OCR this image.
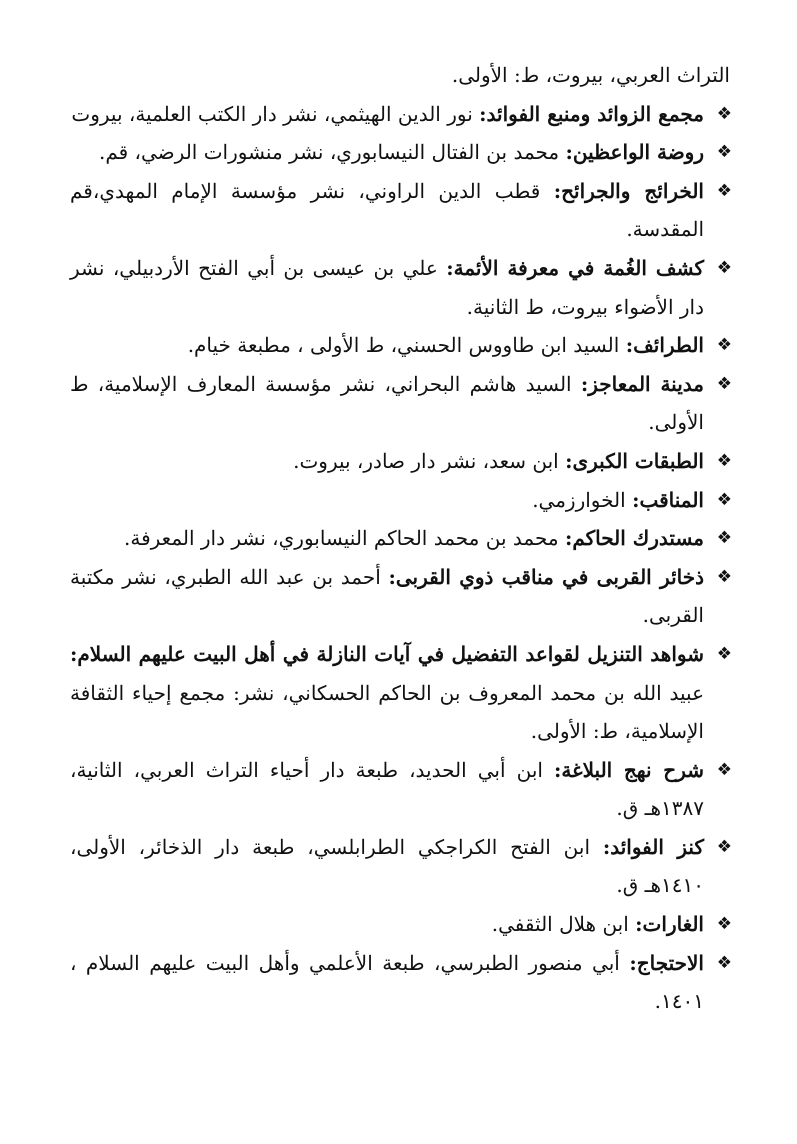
التراث العربي، بيروت، ط: الأولى.

❖
مجمع الزوائد ومنبع الفوائد: نور الدين الهيثمي، نشر دار الكتب العلمية، بيروت
❖
روضة الواعظين: محمد بن الفتال النيسابوري، نشر منشورات الرضي، قم.
❖
الخرائج والجرائح: قطب الدين الراوني، نشر مؤسسة الإمام المهدي،قم المقدسة.
❖
كشف الغُمة في معرفة الأئمة: علي بن عيسى بن أبي الفتح الأردبيلي، نشر دار الأضواء بيروت، ط الثانية.
❖
الطرائف: السيد ابن طاووس الحسني، ط الأولى ، مطبعة خيام.
❖
مدينة المعاجز: السيد هاشم البحراني، نشر مؤسسة المعارف الإسلامية، ط الأولى.
❖
الطبقات الكبرى: ابن سعد، نشر دار صادر، بيروت.
❖
المناقب: الخوارزمي.
❖
مستدرك الحاكم: محمد بن محمد الحاكم النيسابوري، نشر دار المعرفة.
❖
ذخائر القربى في مناقب ذوي القربى: أحمد بن عبد الله الطبري، نشر مكتبة القربى.
❖
شواهد التنزيل لقواعد التفضيل في آيات النازلة في أهل البيت عليهم السلام: عبيد الله بن محمد المعروف بن الحاكم الحسكاني، نشر: مجمع إحياء الثقافة الإسلامية، ط: الأولى.
❖
شرح نهج البلاغة: ابن أبي الحديد، طبعة دار أحياء التراث العربي، الثانية، ١٣٨٧هـ ق.
❖
كنز الفوائد: ابن الفتح الكراجكي الطرابلسي، طبعة دار الذخائر، الأولى، ١٤١٠هـ ق.
❖
الغارات: ابن هلال الثقفي.
❖
الاحتجاج: أبي منصور الطبرسي، طبعة الأعلمي وأهل البيت عليهم السلام ، ١٤٠١.
